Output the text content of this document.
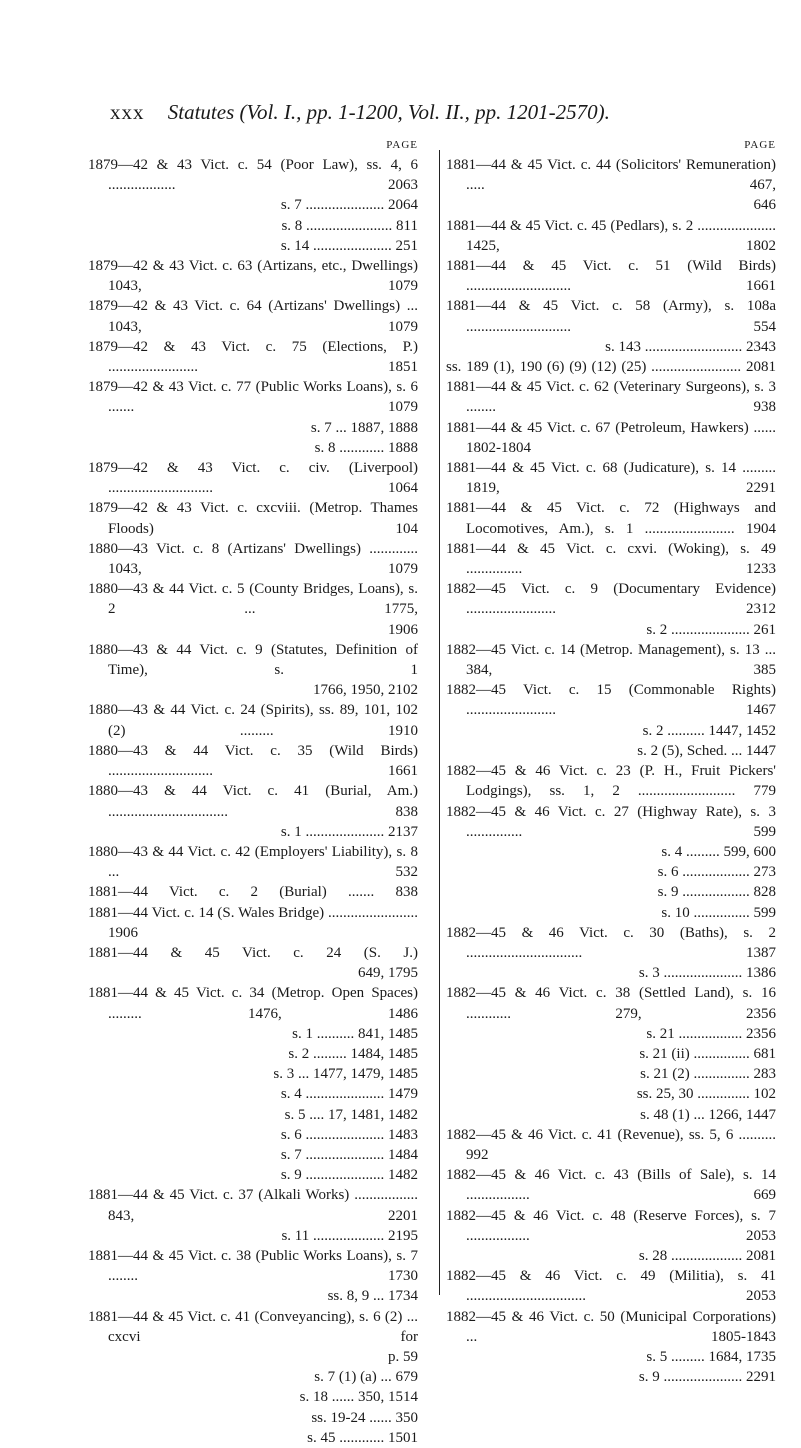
xxx Statutes (Vol. I., pp. 1-1200, Vol. II., pp. 1201-2570).
PAGE
1879—42 & 43 Vict. c. 54 (Poor Law), ss. 4, 6 .................. 2063
s. 7 ..................... 2064
s. 8 ....................... 811
s. 14 ..................... 251
1879—42 & 43 Vict. c. 63 (Artizans, etc., Dwellings) 1043, 1079
1879—42 & 43 Vict. c. 64 (Artizans' Dwellings) ... 1043, 1079
1879—42 & 43 Vict. c. 75 (Elections, P.) ........................ 1851
1879—42 & 43 Vict. c. 77 (Public Works Loans), s. 6 ....... 1079
s. 7 ... 1887, 1888
s. 8 ............ 1888
1879—42 & 43 Vict. c. civ. (Liverpool) ............................ 1064
1879—42 & 43 Vict. c. cxcviii. (Metrop. Thames Floods) 104
1880—43 Vict. c. 8 (Artizans' Dwellings) ............. 1043, 1079
1880—43 & 44 Vict. c. 5 (County Bridges, Loans), s. 2 ... 1775,
1906
1880—43 & 44 Vict. c. 9 (Statutes, Definition of Time), s. 1
1766, 1950, 2102
1880—43 & 44 Vict. c. 24 (Spirits), ss. 89, 101, 102 (2) ......... 1910
1880—43 & 44 Vict. c. 35 (Wild Birds) ............................ 1661
1880—43 & 44 Vict. c. 41 (Burial, Am.) ................................ 838
s. 1 ..................... 2137
1880—43 & 44 Vict. c. 42 (Employers' Liability), s. 8 ... 532
1881—44 Vict. c. 2 (Burial) ....... 838
1881—44 Vict. c. 14 (S. Wales Bridge) ........................ 1906
1881—44 & 45 Vict. c. 24 (S. J.)
649, 1795
1881—44 & 45 Vict. c. 34 (Metrop. Open Spaces) ......... 1476, 1486
s. 1 .......... 841, 1485
s. 2 ......... 1484, 1485
s. 3 ... 1477, 1479, 1485
s. 4 ..................... 1479
s. 5 .... 17, 1481, 1482
s. 6 ..................... 1483
s. 7 ..................... 1484
s. 9 ..................... 1482
1881—44 & 45 Vict. c. 37 (Alkali Works) ................. 843, 2201
s. 11 ................... 2195
1881—44 & 45 Vict. c. 38 (Public Works Loans), s. 7 ........ 1730
ss. 8, 9 ... 1734
1881—44 & 45 Vict. c. 41 (Conveyancing), s. 6 (2) ... cxcvi for
p. 59
s. 7 (1) (a) ... 679
s. 18 ...... 350, 1514
ss. 19-24 ...... 350
s. 45 ............ 1501
PAGE
1881—44 & 45 Vict. c. 44 (Solicitors' Remuneration) ..... 467,
646
1881—44 & 45 Vict. c. 45 (Pedlars), s. 2 ..................... 1425, 1802
1881—44 & 45 Vict. c. 51 (Wild Birds) ............................ 1661
1881—44 & 45 Vict. c. 58 (Army), s. 108a ............................ 554
s. 143 .......................... 2343
ss. 189 (1), 190 (6) (9) (12) (25) ........................ 2081
1881—44 & 45 Vict. c. 62 (Veterinary Surgeons), s. 3 ........ 938
1881—44 & 45 Vict. c. 67 (Petroleum, Hawkers) ...... 1802-1804
1881—44 & 45 Vict. c. 68 (Judicature), s. 14 ......... 1819, 2291
1881—44 & 45 Vict. c. 72 (Highways and Locomotives, Am.), s. 1 ........................ 1904
1881—44 & 45 Vict. c. cxvi. (Woking), s. 49 ............... 1233
1882—45 Vict. c. 9 (Documentary Evidence) ........................ 2312
s. 2 ..................... 261
1882—45 Vict. c. 14 (Metrop. Management), s. 13 ... 384, 385
1882—45 Vict. c. 15 (Commonable Rights) ........................ 1467
s. 2 .......... 1447, 1452
s. 2 (5), Sched. ... 1447
1882—45 & 46 Vict. c. 23 (P. H., Fruit Pickers' Lodgings), ss. 1, 2 .......................... 779
1882—45 & 46 Vict. c. 27 (Highway Rate), s. 3 ............... 599
s. 4 ......... 599, 600
s. 6 .................. 273
s. 9 .................. 828
s. 10 ............... 599
1882—45 & 46 Vict. c. 30 (Baths), s. 2 ............................... 1387
s. 3 ..................... 1386
1882—45 & 46 Vict. c. 38 (Settled Land), s. 16 ............ 279, 2356
s. 21 ................. 2356
s. 21 (ii) ............... 681
s. 21 (2) ............... 283
ss. 25, 30 .............. 102
s. 48 (1) ... 1266, 1447
1882—45 & 46 Vict. c. 41 (Revenue), ss. 5, 6 .......... 992
1882—45 & 46 Vict. c. 43 (Bills of Sale), s. 14 ................. 669
1882—45 & 46 Vict. c. 48 (Reserve Forces), s. 7 ................. 2053
s. 28 ................... 2081
1882—45 & 46 Vict. c. 49 (Militia), s. 41 ................................ 2053
1882—45 & 46 Vict. c. 50 (Municipal Corporations) ... 1805-1843
s. 5 ......... 1684, 1735
s. 9 ..................... 2291
